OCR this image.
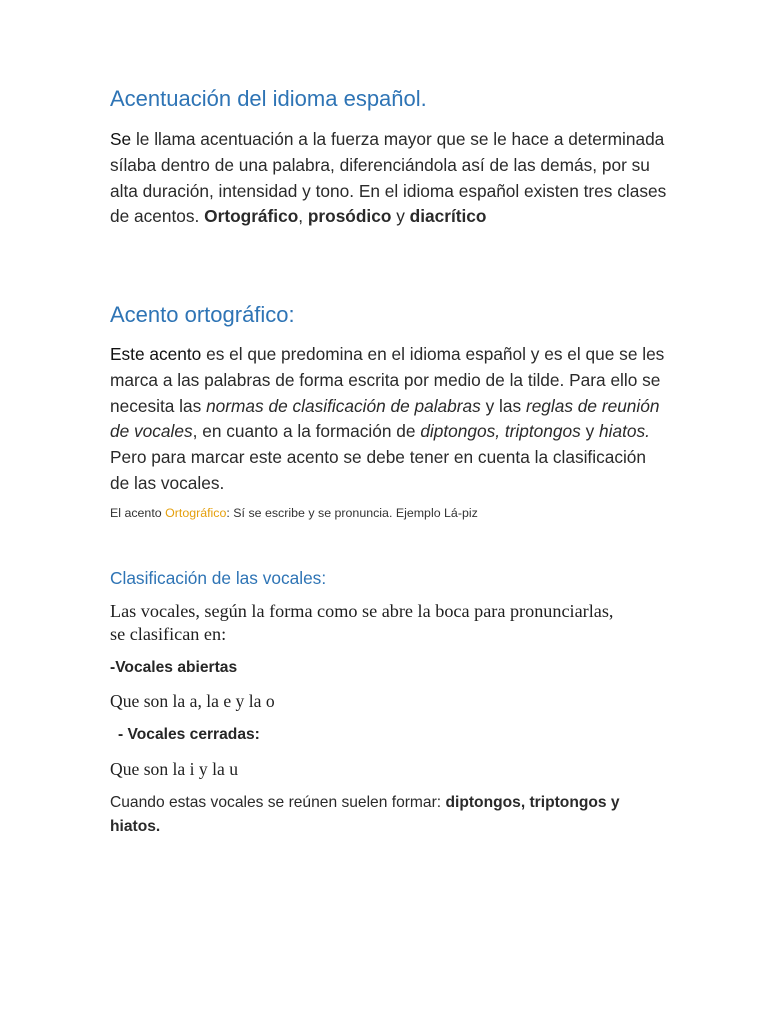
Acentuación del idioma español.
Se le llama acentuación a la fuerza mayor que se le hace a determinada sílaba dentro de una palabra, diferenciándola así de las demás, por su alta duración, intensidad y tono. En el idioma español existen tres clases de acentos. Ortográfico, prosódico y diacrítico
Acento ortográfico:
Este acento es el que predomina en el idioma español y es el que se les marca a las palabras de forma escrita por medio de la tilde. Para ello se necesita las normas de clasificación de palabras y las reglas de reunión de vocales, en cuanto a la formación de diptongos, triptongos y hiatos. Pero para marcar este acento se debe tener en cuenta la clasificación de las vocales.
El acento Ortográfico: Sí se escribe y se pronuncia. Ejemplo Lá-piz
Clasificación de las vocales:
Las vocales, según la forma como se abre la boca para pronunciarlas, se clasifican en:
-Vocales abiertas
Que son la a, la e y la o
- Vocales cerradas:
Que son la i y la u
Cuando estas vocales se reúnen suelen formar: diptongos, triptongos y hiatos.
